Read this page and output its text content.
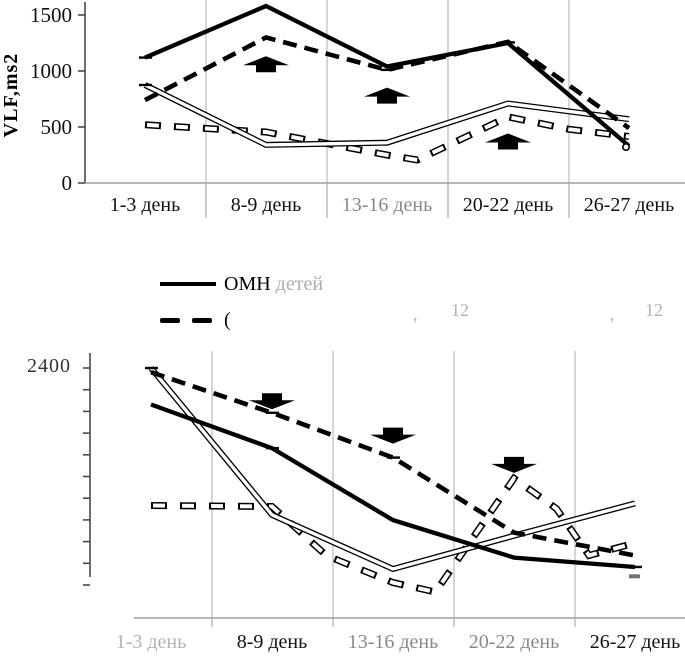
VLF,ms2
0
500
1000
1500
1-3 день	8-9 день 13-16 день 20-22 день 26-27 день
ОМН детей
(	, 12	, 12
2400
1-3 день	8-9 день 13-16 день 20-22 день 26-27 день
